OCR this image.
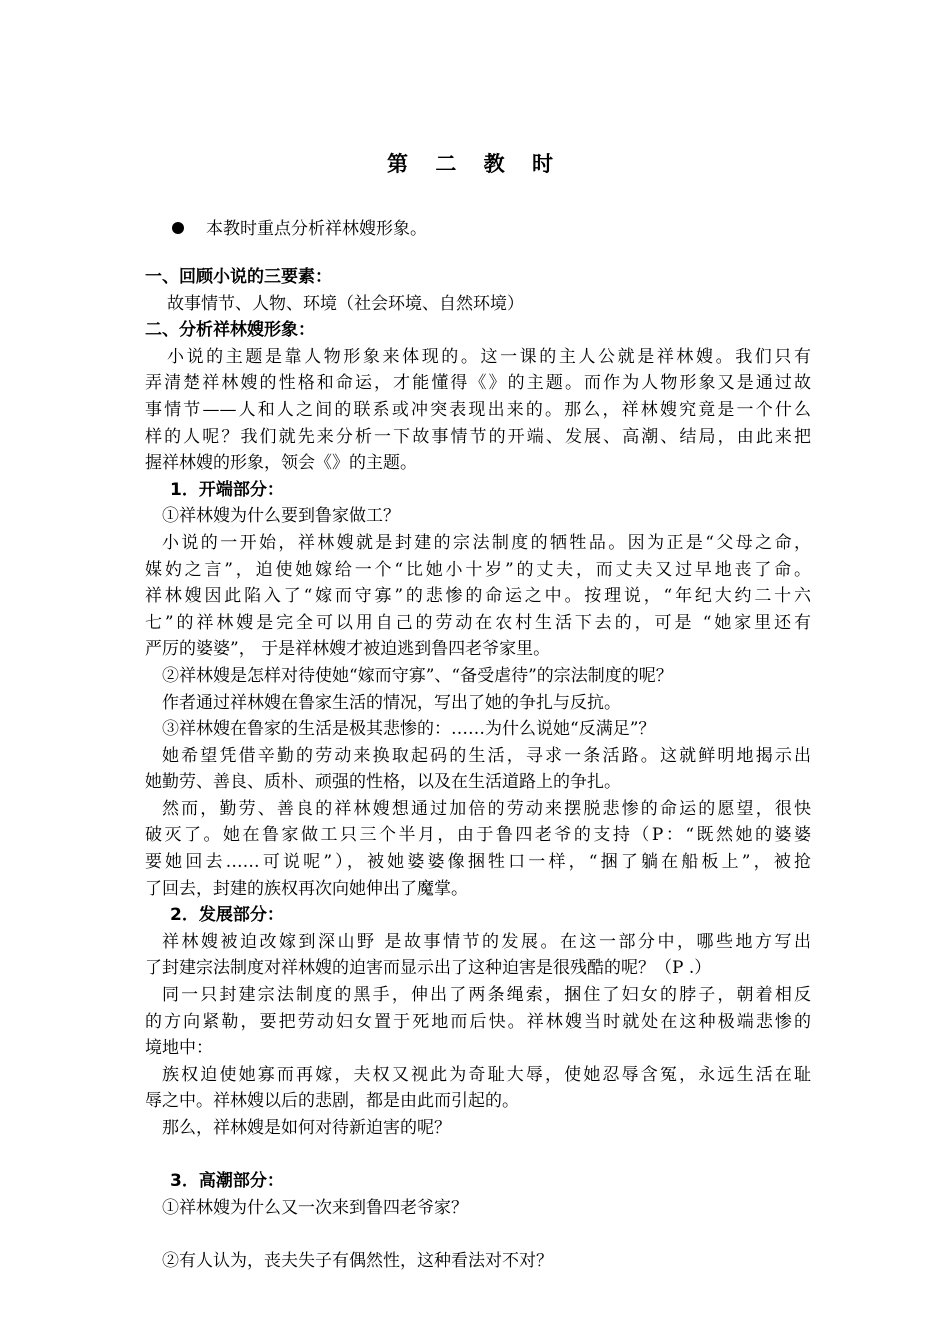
第 二 教 时
本教时重点分析祥林嫂形象。
一、回顾小说的三要素：
故事情节、人物、环境（社会环境、自然环境）
二、分析祥林嫂形象：
小说的主题是靠人物形象来体现的。这一课的主人公就是祥林嫂。我们只有
弄清楚祥林嫂的性格和命运，才能懂得《》的主题。而作为人物形象又是通过故
事情节——人和人之间的联系或冲突表现出来的。那么，祥林嫂究竟是一个什么
样的人呢？我们就先来分析一下故事情节的开端、发展、高潮、结局，由此来把
握祥林嫂的形象，领会《》的主题。
1．开端部分：
①祥林嫂为什么要到鲁家做工？
小说的一开始，祥林嫂就是封建的宗法制度的牺牲品。因为正是“父母之命，
媒妁之言”，迫使她嫁给一个“比她小十岁”的丈夫，而丈夫又过早地丧了命。
祥林嫂因此陷入了“嫁而守寡”的悲惨的命运之中。按理说，“年纪大约二十六
七”的祥林嫂是完全可以用自己的劳动在农村生活下去的，可是 “她家里还有
严厉的婆婆”， 于是祥林嫂才被迫逃到鲁四老爷家里。
②祥林嫂是怎样对待使她“嫁而守寡”、“备受虐待”的宗法制度的呢？
作者通过祥林嫂在鲁家生活的情况，写出了她的争扎与反抗。
③祥林嫂在鲁家的生活是极其悲惨的：……为什么说她“反满足”？
她希望凭借辛勤的劳动来换取起码的生活，寻求一条活路。这就鲜明地揭示出
她勤劳、善良、质朴、顽强的性格，以及在生活道路上的争扎。
然而，勤劳、善良的祥林嫂想通过加倍的劳动来摆脱悲惨的命运的愿望，很快
破灭了。她在鲁家做工只三个半月，由于鲁四老爷的支持（P：“既然她的婆婆
要她回去……可说呢”），被她婆婆像捆牲口一样，“捆了躺在船板上”，被抢
了回去，封建的族权再次向她伸出了魔掌。
2．发展部分：
祥林嫂被迫改嫁到深山野 是故事情节的发展。在这一部分中，哪些地方写出
了封建宗法制度对祥林嫂的迫害而显示出了这种迫害是很残酷的呢？（P .）
同一只封建宗法制度的黑手，伸出了两条绳索，捆住了妇女的脖子，朝着相反
的方向紧勒，要把劳动妇女置于死地而后快。祥林嫂当时就处在这种极端悲惨的
境地中：
族权迫使她寡而再嫁，夫权又视此为奇耻大辱，使她忍辱含冤，永远生活在耻
辱之中。祥林嫂以后的悲剧，都是由此而引起的。
那么，祥林嫂是如何对待新迫害的呢？
3．高潮部分：
①祥林嫂为什么又一次来到鲁四老爷家？
②有人认为，丧夫失子有偶然性，这种看法对不对？
